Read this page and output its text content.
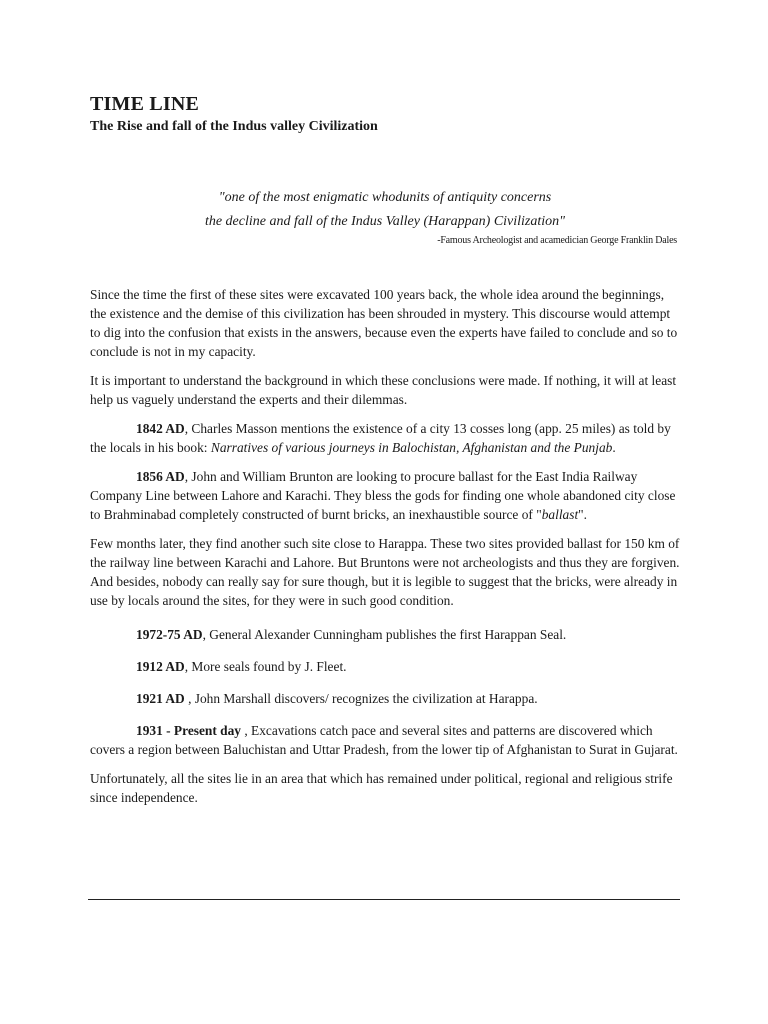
TIME LINE
The Rise and fall of the Indus valley Civilization
"one of the most enigmatic whodunits of antiquity concerns
the decline and fall of the Indus Valley (Harappan) Civilization"
-Famous Archeologist and acamedician George Franklin Dales

Since the time the first of these sites were excavated 100 years back, the whole idea around the beginnings, the existence and the demise of this civilization has been shrouded in mystery. This discourse would attempt to dig into the confusion that exists in the answers, because even the experts have failed to conclude and so to conclude is not in my capacity.

It is important to understand the background in which these conclusions were made. If nothing, it will at least help us vaguely understand the experts and their dilemmas.

1842 AD, Charles Masson mentions the existence of a city 13 cosses long (app. 25 miles) as told by the locals in his book: Narratives of various journeys in Balochistan, Afghanistan and the Punjab.

1856 AD, John and William Brunton are looking to procure ballast for the East India Railway Company Line between Lahore and Karachi. They bless the gods for finding one whole abandoned city close to Brahminabad completely constructed of burnt bricks, an inexhaustible source of "ballast".

Few months later, they find another such site close to Harappa. These two sites provided ballast for 150 km of the railway line between Karachi and Lahore. But Bruntons were not archeologists and thus they are forgiven. And besides, nobody can really say for sure though, but it is legible to suggest that the bricks, were already in use by locals around the sites, for they were in such good condition.

1972-75 AD, General Alexander Cunningham publishes the first Harappan Seal.

1912 AD, More seals found by J. Fleet.

1921 AD , John Marshall discovers/ recognizes the civilization at Harappa.

1931 - Present day , Excavations catch pace and several sites and patterns are discovered which covers a region between Baluchistan and Uttar Pradesh, from the lower tip of Afghanistan to Surat in Gujarat.

Unfortunately, all the sites lie in an area that which has remained under political, regional and religious strife since independence.
